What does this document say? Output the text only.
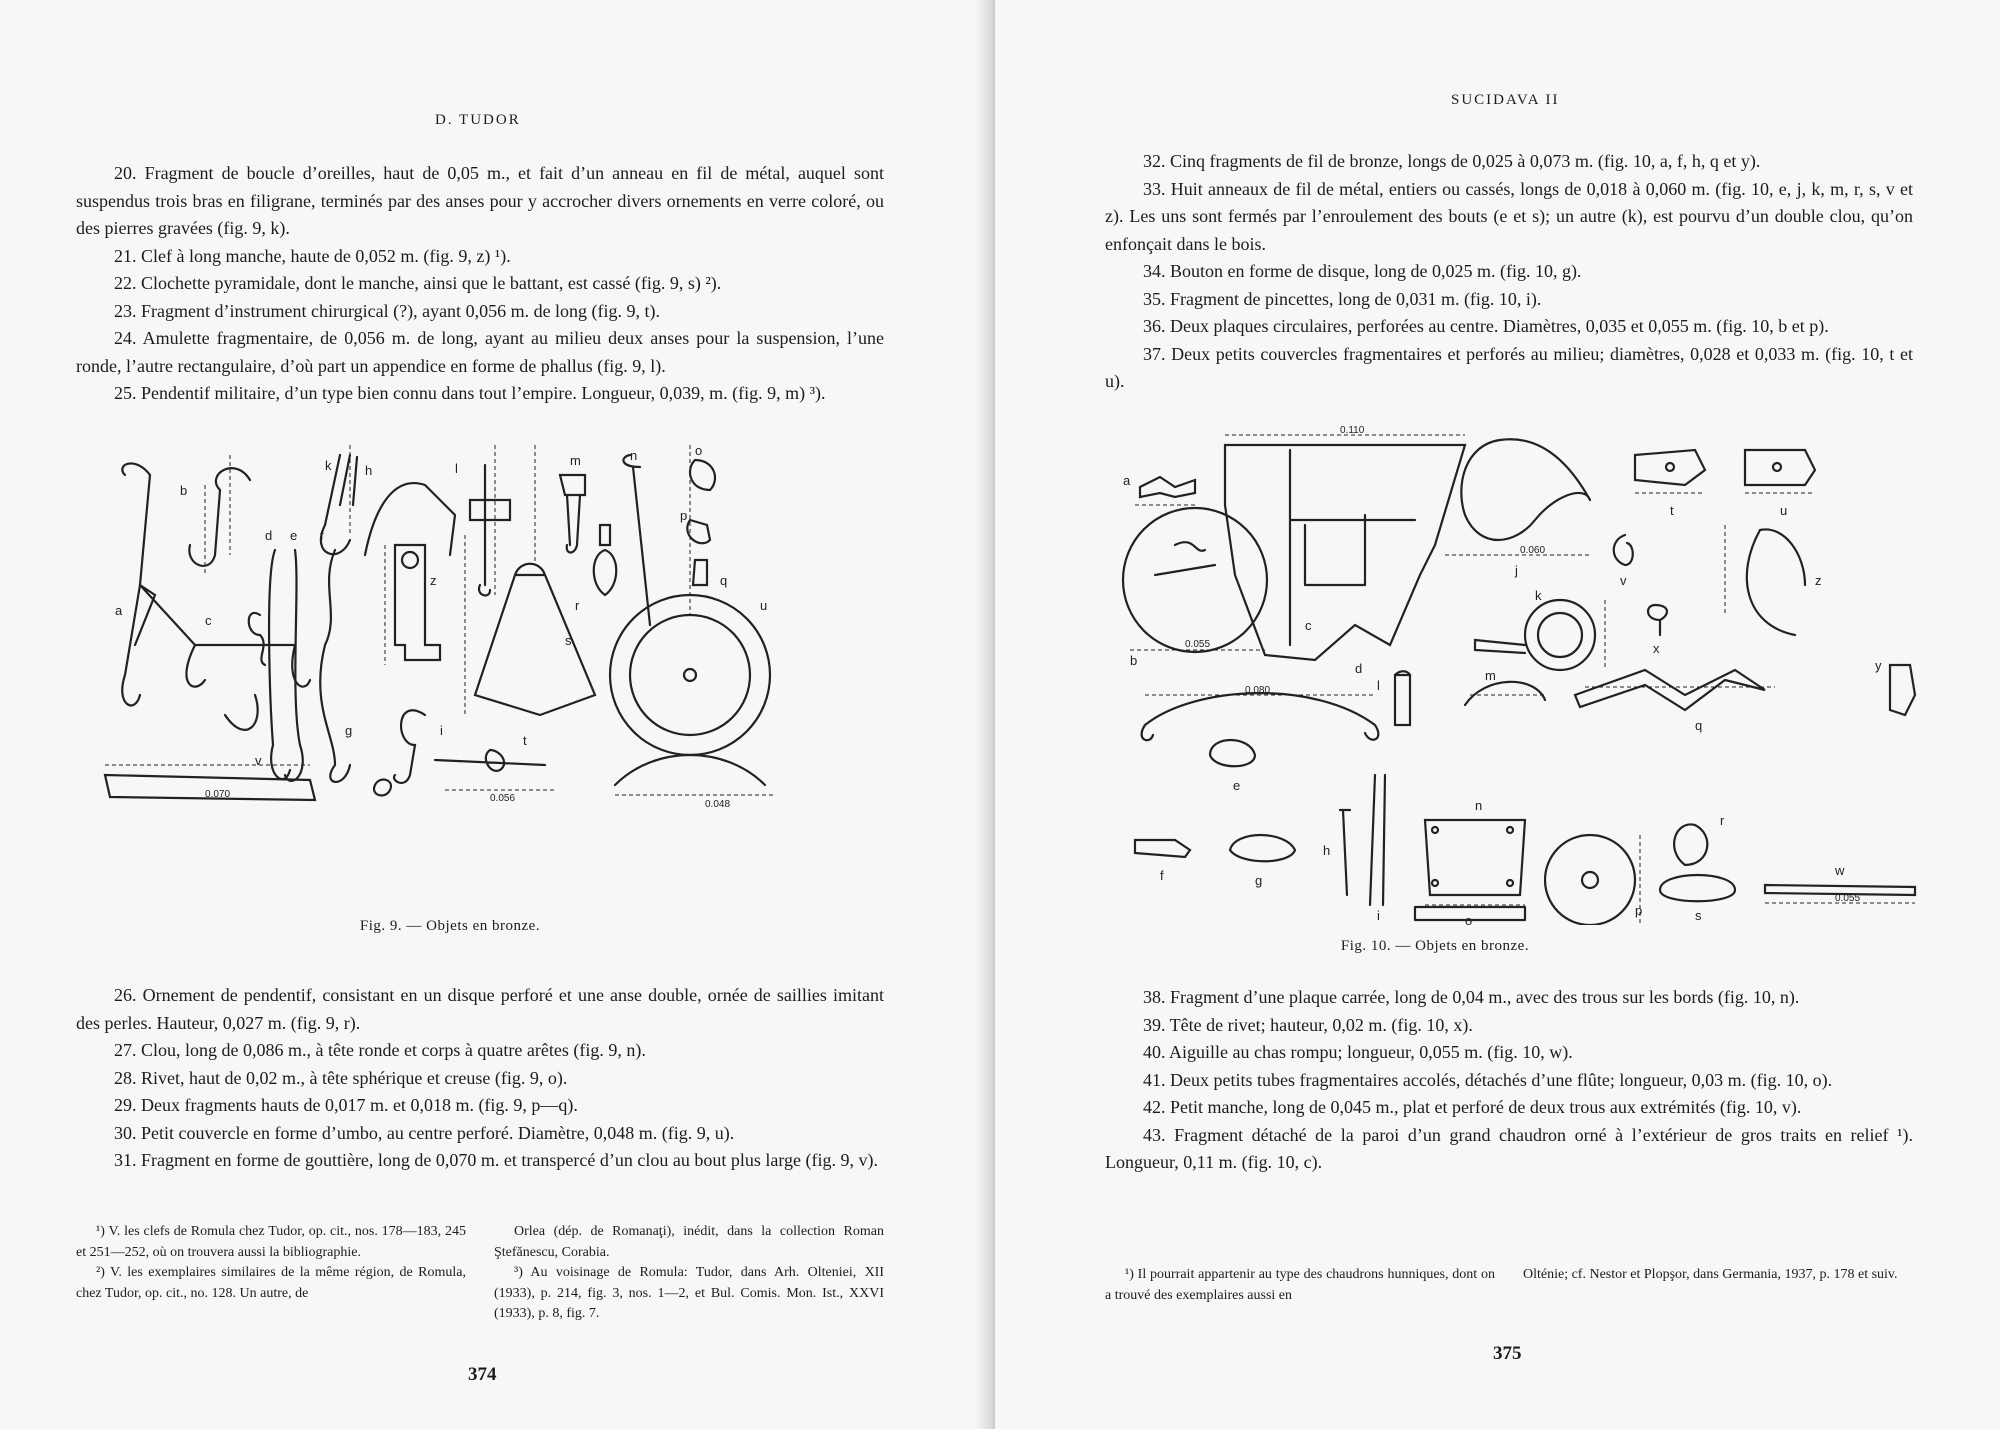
D. TUDOR

20. Fragment de boucle d’oreilles, haut de 0,05 m., et fait d’un anneau en fil de métal, auquel sont suspendus trois bras en filigrane, terminés par des anses pour y accrocher divers ornements en verre coloré, ou des pierres gravées (fig. 9, k).

21. Clef à long manche, haute de 0,052 m. (fig. 9, z) ¹).

22. Clochette pyramidale, dont le manche, ainsi que le battant, est cassé (fig. 9, s) ²).

23. Fragment d’instrument chirurgical (?), ayant 0,056 m. de long (fig. 9, t).

24. Amulette fragmentaire, de 0,056 m. de long, ayant au milieu deux anses pour la suspension, l’une ronde, l’autre rectangulaire, d’où part un appendice en forme de phallus (fig. 9, l).

25. Pendentif militaire, d’un type bien connu dans tout l’empire. Longueur, 0,039, m. (fig. 9, m) ³).

a
b
c
d e f
g
h
i
k	l
m	n	o
p
q
r
s
t
u
v
z
0.070	0.056
0.048
Fig. 9. — Objets en bronze.

26. Ornement de pendentif, consistant en un disque perforé et une anse double, ornée de saillies imitant des perles. Hauteur, 0,027 m. (fig. 9, r).

27. Clou, long de 0,086 m., à tête ronde et corps à quatre arêtes (fig. 9, n).

28. Rivet, haut de 0,02 m., à tête sphérique et creuse (fig. 9, o).

29. Deux fragments hauts de 0,017 m. et 0,018 m. (fig. 9, p—q).

30. Petit couvercle en forme d’umbo, au centre perforé. Diamètre, 0,048 m. (fig. 9, u).

31. Fragment en forme de gouttière, long de 0,070 m. et transpercé d’un clou au bout plus large (fig. 9, v).

¹) V. les clefs de Romula chez Tudor, op. cit., nos. 178—183, 245 et 251—252, où on trouvera aussi la bibliographie.

²) V. les exemplaires similaires de la même région, de Romula, chez Tudor, op. cit., no. 128. Un autre, de

Orlea (dép. de Romanaţi), inédit, dans la collection Roman Ştefănescu, Corabia.

³) Au voisinage de Romula: Tudor, dans Arh. Olteniei, XII (1933), p. 214, fig. 3, nos. 1—2, et Bul. Comis. Mon. Ist., XXVI (1933), p. 8, fig. 7.

374
SUCIDAVA II

32. Cinq fragments de fil de bronze, longs de 0,025 à 0,073 m. (fig. 10, a, f, h, q et y).

33. Huit anneaux de fil de métal, entiers ou cassés, longs de 0,018 à 0,060 m. (fig. 10, e, j, k, m, r, s, v et z). Les uns sont fermés par l’enroulement des bouts (e et s); un autre (k), est pourvu d’un double clou, qu’on enfonçait dans le bois.

34. Bouton en forme de disque, long de 0,025 m. (fig. 10, g).

35. Fragment de pincettes, long de 0,031 m. (fig. 10, i).

36. Deux plaques circulaires, perforées au centre. Diamètres, 0,035 et 0,055 m. (fig. 10, b et p).

37. Deux petits couvercles fragmentaires et perforés au milieu; diamètres, 0,028 et 0,033 m. (fig. 10, t et u).

a
b
c
d
e
f	g
h
i
j
k
l
m
n
o
p
q
r
s
t	u
v
w
x
y
z
0.110
0.080
0.060
0.055
0.055
Fig. 10. — Objets en bronze.

38. Fragment d’une plaque carrée, long de 0,04 m., avec des trous sur les bords (fig. 10, n).

39. Tête de rivet; hauteur, 0,02 m. (fig. 10, x).

40. Aiguille au chas rompu; longueur, 0,055 m. (fig. 10, w).

41. Deux petits tubes fragmentaires accolés, détachés d’une flûte; longueur, 0,03 m. (fig. 10, o).

42. Petit manche, long de 0,045 m., plat et perforé de deux trous aux extrémités (fig. 10, v).

43. Fragment détaché de la paroi d’un grand chaudron orné à l’extérieur de gros traits en relief ¹). Longueur, 0,11 m. (fig. 10, c).

¹) Il pourrait appartenir au type des chaudrons hunniques, dont on a trouvé des exemplaires aussi en

Olténie; cf. Nestor et Plopşor, dans Germania, 1937, p. 178 et suiv.

375
